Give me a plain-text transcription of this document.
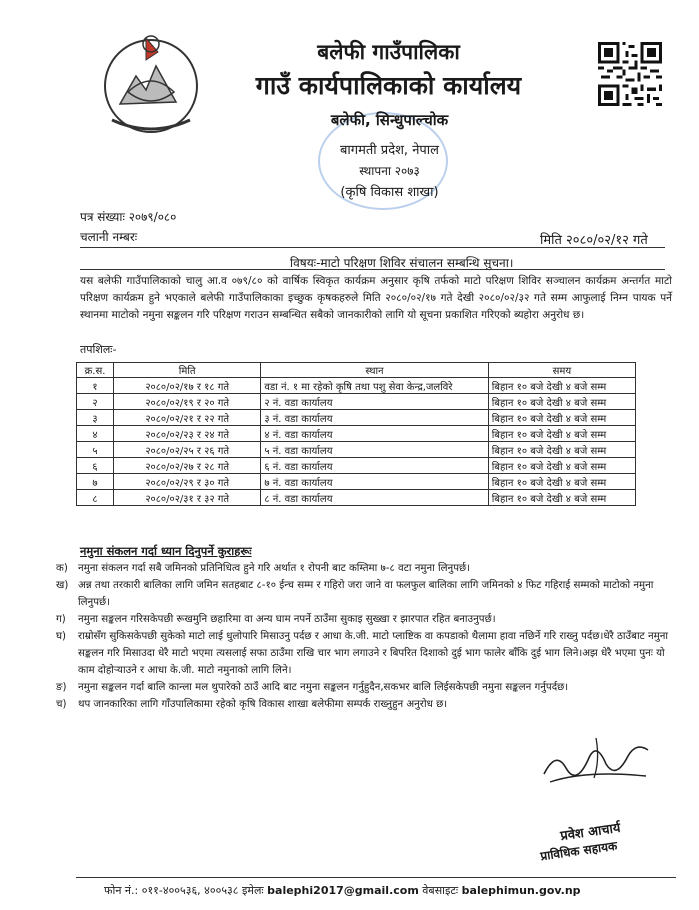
बलेफी गाउँपालिका
गाउँ कार्यपालिकाको कार्यालय
बलेफी, सिन्धुपाल्चोक
बागमती प्रदेश, नेपाल
स्थापना २०७३
(कृषि विकास शाखा)
पत्र संख्याः २०७९/०८०
चलानी नम्बरः	मिति २०८०/०२/१२ गते
विषयः-माटो परिक्षण शिविर संचालन सम्बन्धि सुचना।
यस बलेफी गाउँपालिकाको चालु आ.व ०७९/८० को वार्षिक स्विकृत कार्यक्रम अनुसार कृषि तर्फको माटो परिक्षण शिविर सञ्चालन कार्यक्रम अन्तर्गत माटो परिक्षण कार्यक्रम हुने भएकाले बलेफी गाउँपालिकाका इच्छुक कृषकहरुले मिति २०८०/०२/१७ गते देखी २०८०/०२/३२ गते सम्म आफुलाई निम्न पायक पर्ने स्थानमा माटोको नमुना सङ्कलन गरि परिक्षण गराउन सम्बन्धित सबैको जानकारीको लागि यो सूचना प्रकाशित गरिएको ब्यहोरा अनुरोध छ।
तपशिलः-
क्र.स.	मिति	स्थान	समय
१	२०८०/०२/१७ र १८ गते	वडा नं. १ मा रहेको कृषि तथा पशु सेवा केन्द्र,जलविरे	बिहान १० बजे देखी ४ बजे सम्म
२	२०८०/०२/१९ र २० गते	२ नं. वडा कार्यालय	बिहान १० बजे देखी ४ बजे सम्म
३	२०८०/०२/२१ र २२ गते	३ नं. वडा कार्यालय	बिहान १० बजे देखी ४ बजे सम्म
४	२०८०/०२/२३ र २४ गते	४ नं. वडा कार्यालय	बिहान १० बजे देखी ४ बजे सम्म
५	२०८०/०२/२५ र २६ गते	५ नं. वडा कार्यालय	बिहान १० बजे देखी ४ बजे सम्म
६	२०८०/०२/२७ र २८ गते	६ नं. वडा कार्यालय	बिहान १० बजे देखी ४ बजे सम्म
७	२०८०/०२/२९ र ३० गते	७ नं. वडा कार्यालय	बिहान १० बजे देखी ४ बजे सम्म
८	२०८०/०२/३१ र ३२ गते	८ नं. वडा कार्यालय	बिहान १० बजे देखी ४ बजे सम्म
नमुना संकलन गर्दा ध्यान दिनुपर्ने कुराहरूः
क) नमुना संकलन गर्दा सबै जमिनको प्रतिनिधित्व हुने गरि अर्थात १ रोपनी बाट कम्तिमा ७-८ वटा नमुना लिनुपर्छ।
ख) अन्न तथा तरकारी बालिका लागि जमिन सतहबाट ८-१० ईन्च सम्म र गहिरो जरा जाने वा फलफुल बालिका लागि जमिनको ४ फिट गहिराई सम्मको माटोको नमुना लिनुपर्छ।
ग)	नमुना सङ्कलन गरिसकेपछी रूखमुनि छहारिमा वा अन्य घाम नपर्ने ठाउँमा सुकाइ सुख्खा र झारपात रहित बनाउनुपर्छ।
घ)	राम्रोसँग सुकिसकेपछी सुकेको माटो लाई धुलोपारि मिसाउनु पर्दछ र आधा के.जी. माटो प्लाष्टिक वा कपडाको थैलामा हावा नछिर्ने गरि राख्नु पर्दछ।धेरै ठाउँबाट नमुना सङ्कलन गरि मिसाउदा धेरै माटो भएमा त्यसलाई सफा ठाउँमा राखि चार भाग लगाउने र बिपरित दिशाको दुई भाग फालेर बाँकि दुई भाग लिने।अझ धेरै भएमा पुनः यो काम दोहोऱ्याउने र आधा के.जी. माटो नमुनाको लागि लिने।
ङ)	नमुना सङ्कलन गर्दा बालि कान्ला मल थुपारेको ठाउँ आदि बाट नमुना सङ्कलन गर्नुहुदैन,सकभर बालि लिईसकेपछी नमुना सङ्कलन गर्नुपर्दछ।
च)	थप जानकारिका लागि गाँउपालिकामा रहेको कृषि विकास शाखा बलेफीमा सम्पर्क राख्नुहुन अनुरोध छ।
प्रवेश आचार्य
प्राविधिक सहायक
फोन नं.: ०११-४००५३६, ४००५३८ इमेलः balephi2017@gmail.com वेबसाइटः balephimun.gov.np
